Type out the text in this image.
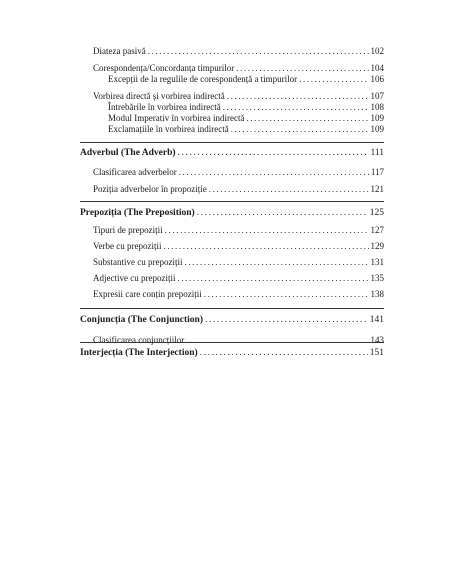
Diateza pasivă .....	102
Corespondența/Concordanța timpurilor .....	104
Excepții de la regulile de corespondență a timpurilor .....	106
Vorbirea directă și vorbirea indirectă .....	107
Întrebările în vorbirea indirectă .....	108
Modul Imperativ în vorbirea indirectă .....	109
Exclamațiile în vorbirea indirectă .....	109
Adverbul (The Adverb) .....	111
Clasificarea adverbelor .....	117
Poziția adverbelor în propoziție .....	121
Prepoziția (The Preposition) .....	125
Tipuri de prepoziții .....	127
Verbe cu prepoziții .....	129
Substantive cu prepoziții .....	131
Adjective cu prepoziții .....	135
Expresii care conțin prepoziții .....	138
Conjuncția (The Conjunction) .....	141
Clasificarea conjuncțiilor .....	143
Interjecția (The Interjection) .....	151
